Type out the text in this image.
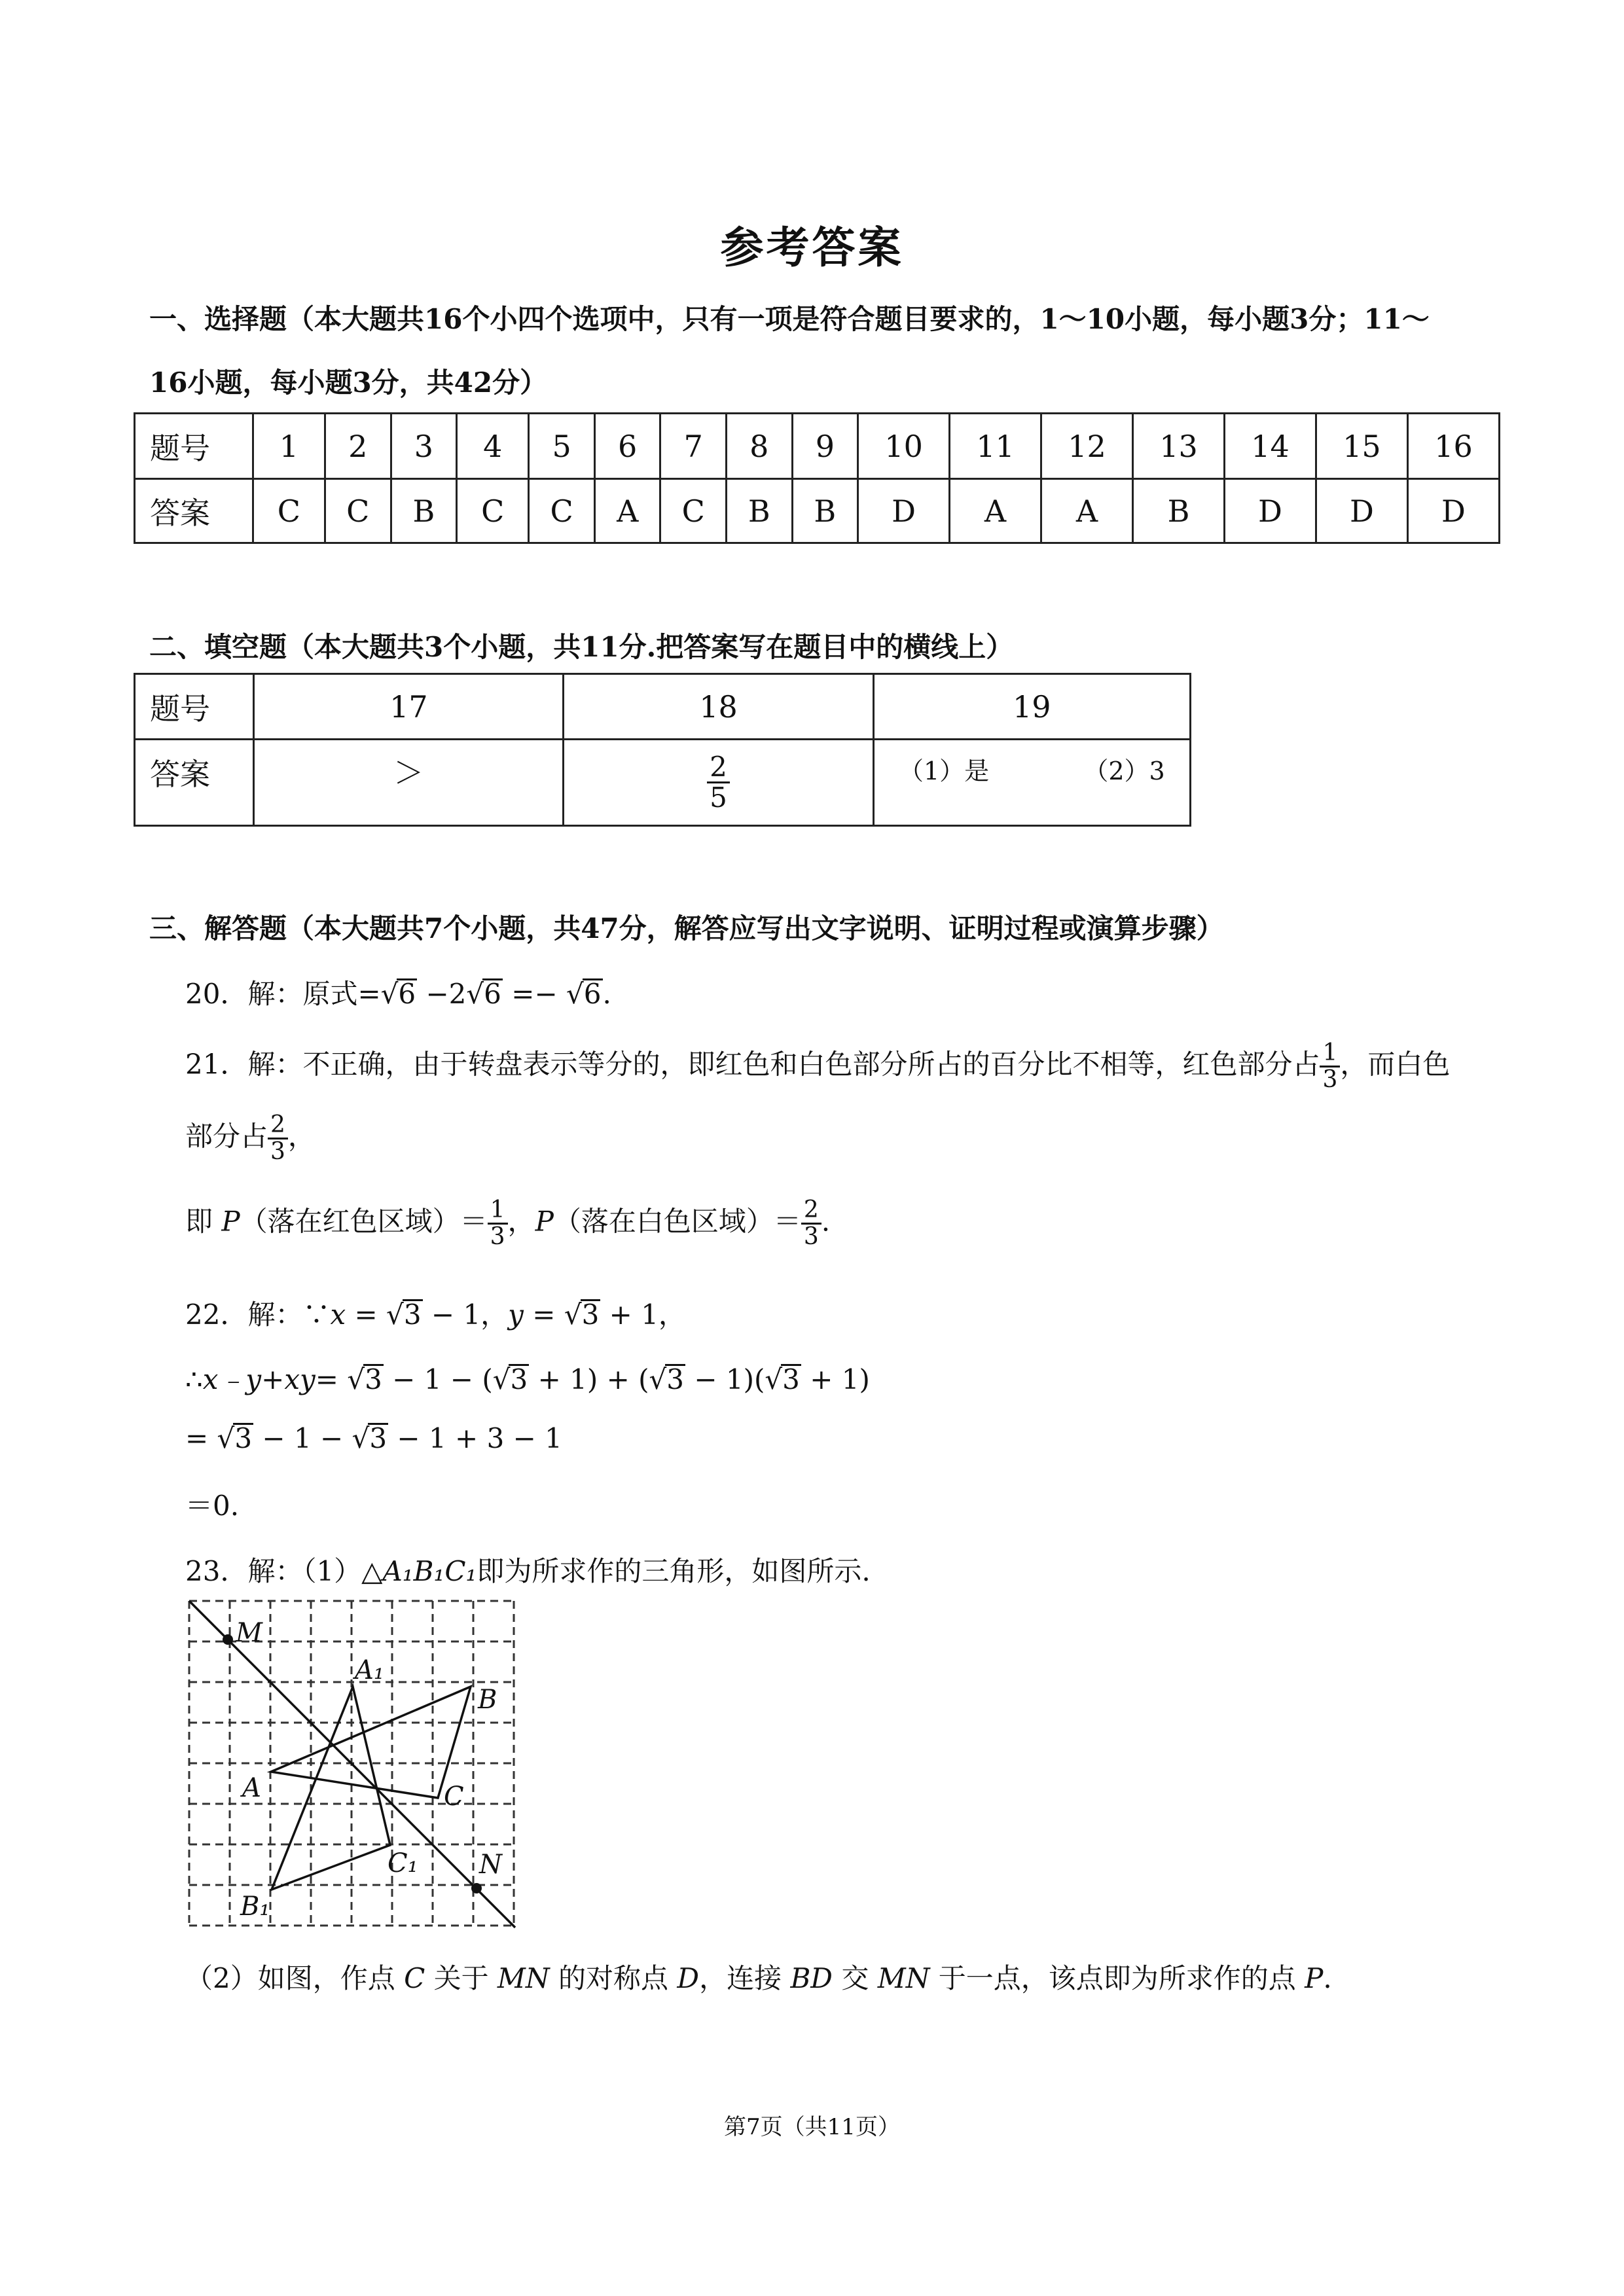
参考答案
一、选择题（本大题共16个小四个选项中，只有一项是符合题目要求的，1～10小题，每小题3分；11～
16小题，每小题3分，共42分）
题号	1	2	3	4	5	6	7	8	9	10	11	12	13	14	15	16
答案	C	C	B	C	C	A	C	B	B	D	A	A	B	D	D	D
二、填空题（本大题共3个小题，共11分.把答案写在题目中的横线上）
题号	17	18	19
答案	＞	$\frac{2}{5}$	（1）是 （2）3
三、解答题（本大题共7个小题，共47分，解答应写出文字说明、证明过程或演算步骤）
20．解：原式=√6 −2√6 =− √6.
21．解：不正确，由于转盘表示等分的，即红色和白色部分所占的百分比不相等，红色部分占 $\frac{1}{3}$ ，而白色
部分占 $\frac{2}{3}$ ，
即 P（落在红色区域）＝ $\frac{1}{3}$ ，P（落在白色区域）＝ $\frac{2}{3}$ .
22．解：∵x = √3 − 1，y = √3 + 1，
∴x﹣y+xy= √3 − 1 − (√3 + 1) + (√3 − 1)(√3 + 1)
= √3 − 1 − √3 − 1 + 3 − 1
＝0.
23．解：（1）△A₁B₁C₁即为所求作的三角形，如图所示.
M
A₁
B
A	C
C₁ N
B₁
（2）如图，作点 C 关于 MN 的对称点 D，连接 BD 交 MN 于一点，该点即为所求作的点 P.
第7页（共11页）
